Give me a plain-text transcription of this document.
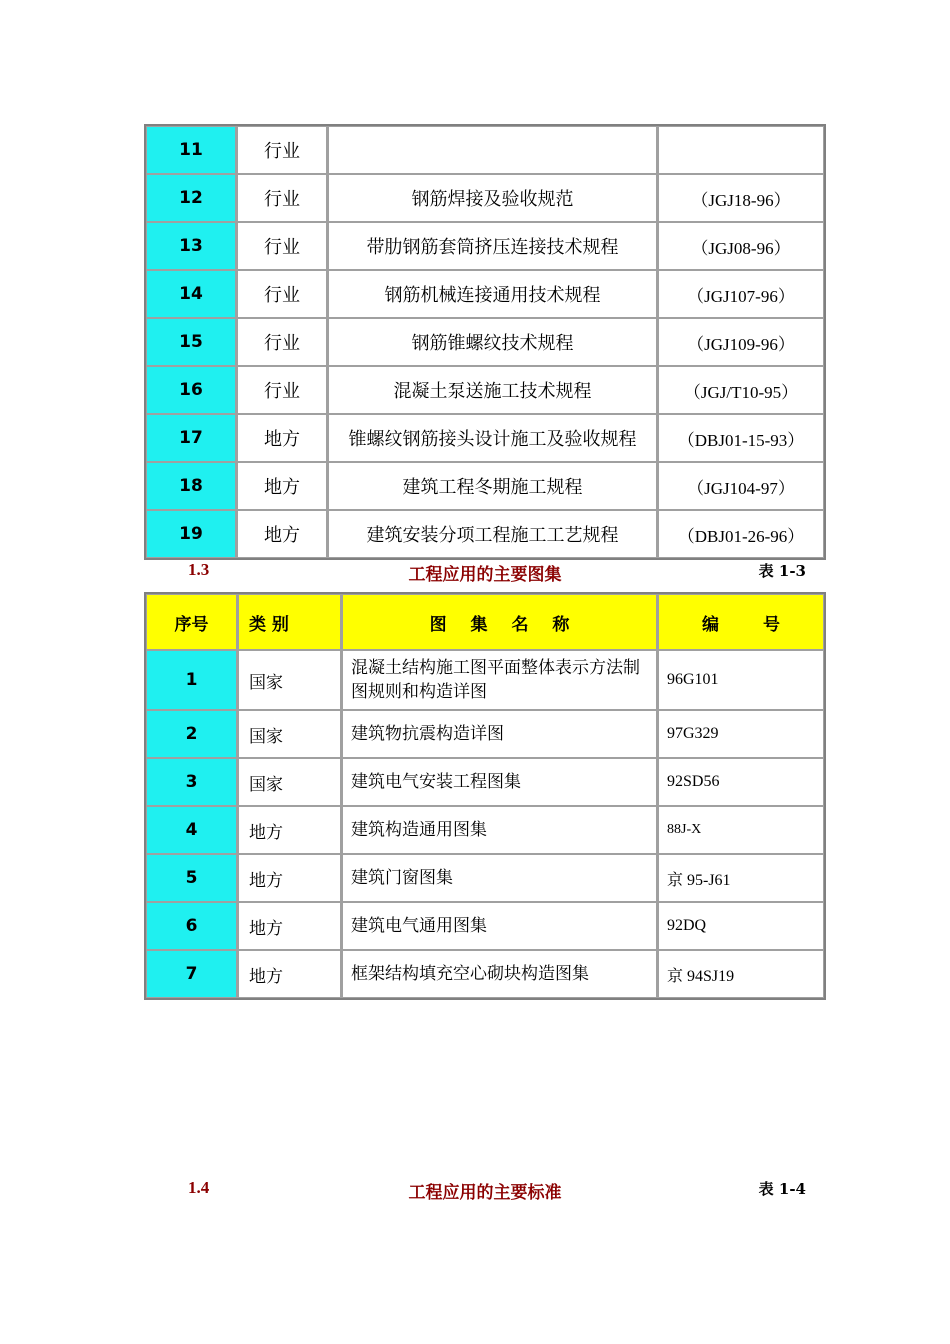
11	行业		
12	行业	钢筋焊接及验收规范	（JGJ18-96）
13	行业	带肋钢筋套筒挤压连接技术规程	（JGJ08-96）
14	行业	钢筋机械连接通用技术规程	（JGJ107-96）
15	行业	钢筋锥螺纹技术规程	（JGJ109-96）
16	行业	混凝土泵送施工技术规程	（JGJ/T10-95）
17	地方	锥螺纹钢筋接头设计施工及验收规程	（DBJ01-15-93）
18	地方	建筑工程冬期施工规程	（JGJ104-97）
19	地方	建筑安装分项工程施工工艺规程	（DBJ01-26-96）
1.3	工程应用的主要图集	表 1-3
序号	类 别	图 集 名 称	编 号
1	国家	混凝土结构施工图平面整体表示方法制图规则和构造详图	96G101
2	国家	建筑物抗震构造详图	97G329
3	国家	建筑电气安装工程图集	92SD56
4	地方	建筑构造通用图集	88J-X
5	地方	建筑门窗图集	京 95-J61
6	地方	建筑电气通用图集	92DQ
7	地方	框架结构填充空心砌块构造图集	京 94SJ19
1.4	工程应用的主要标准	表 1-4
